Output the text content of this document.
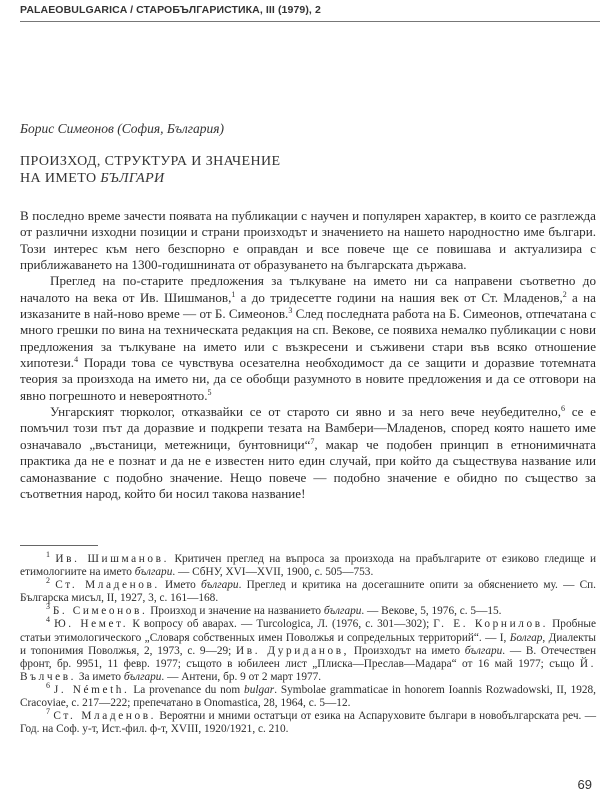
PALAEOBULGARICA / СТАРОБЪЛГАРИСТИКА, III (1979), 2
Борис Симеонов (София, България)
ПРОИЗХОД, СТРУКТУРА И ЗНАЧЕНИЕ
НА ИМЕТО БЪЛГАРИ

В последно време зачести появата на публикации с научен и популярен характер, в които се разглежда от различни изходни позиции и страни произходът и значението на нашето народностно име българи. Този интерес към него безспорно е оправдан и все повече ще се повишава и актуализира с приближаването на 1300-годишнината от образуването на българската държава.

Преглед на по-старите предложения за тълкуване на името ни са направени съответно до началото на века от Ив. Шишманов,$^1$ а до тридесетте години на нашия век от Ст. Младенов,$^2$ а на изказаните в най-ново време — от Б. Симеонов.$^3$ След последната работа на Б. Симеонов, отпечатана с много грешки по вина на техническата редакция на сп. Векове, се появиха немалко публикации с нови предложения за тълкуване на името или с възкресени и съживени стари във всяко отношение хипотези.$^4$ Поради това се чувствува осезателна необходимост да се защити и доразвие тотемната теория за произхода на името ни, да се обобщи разумното в новите предложения и да се отговори на явно погрешното и невероятното.$^5$

Унгарският тюрколог, отказвайки се от старото си явно и за него вече неубедително,$^6$ се е помъчил този път да доразвие и подкрепи тезата на Вамбери—Младенов, според която нашето име означавало „въстаници, метежници, бунтовници“$^7$, макар че подобен принцип в етнонимичната практика да не е познат и да не е известен нито един случай, при който да съществува название или самоназвание с подобно значение. Нещо повече — подобно значение е обидно по същество за съответния народ, който би носил такова название!

$^1$ Ив. Шишманов. Критичен преглед на въпроса за произхода на прабългарите от езиково гледище и етимологиите на името българи. — СбНУ, XVI—XVII, 1900, с. 505—753.

$^2$ Ст. Младенов. Името българи. Преглед и критика на досегашните опити за обяснението му. — Сп. Българска мисъл, II, 1927, 3, с. 161—168.

$^3$ Б. Симеонов. Произход и значение на названието българи. — Векове, 5, 1976, с. 5—15.

$^4$ Ю. Немет. К вопросу об аварах. — Turcologica, Л. (1976, с. 301—302); Г. Е. Корнилов. Пробные статьи этимологического „Словаря собственных имен Поволжья и сопредельных территорий“. — I, Болгар, Диалекты и топонимия Поволжья, 2, 1973, с. 9—29; Ив. Дуриданов, Произходът на името българи. — В. Отечествен фронт, бр. 9951, 11 февр. 1977; същото в юбилеен лист „Плиска—Преслав—Мадара“ от 16 май 1977; също Й. Вълчев. За името българи. — Антени, бр. 9 от 2 март 1977.

$^6$ J. Németh. La provenance du nom bulgar. Symbolae grammaticae in honorem Ioannis Rozwadowski, II, 1928, Cracoviae, с. 217—222; препечатано в Onomastica, 28, 1964, с. 5—12.

$^7$ Ст. Младенов. Вероятни и мними остатъци от езика на Аспаруховите българи в новобългарската реч. — Год. на Соф. у-т, Ист.-фил. ф-т, XVIII, 1920/1921, с. 210.

69
